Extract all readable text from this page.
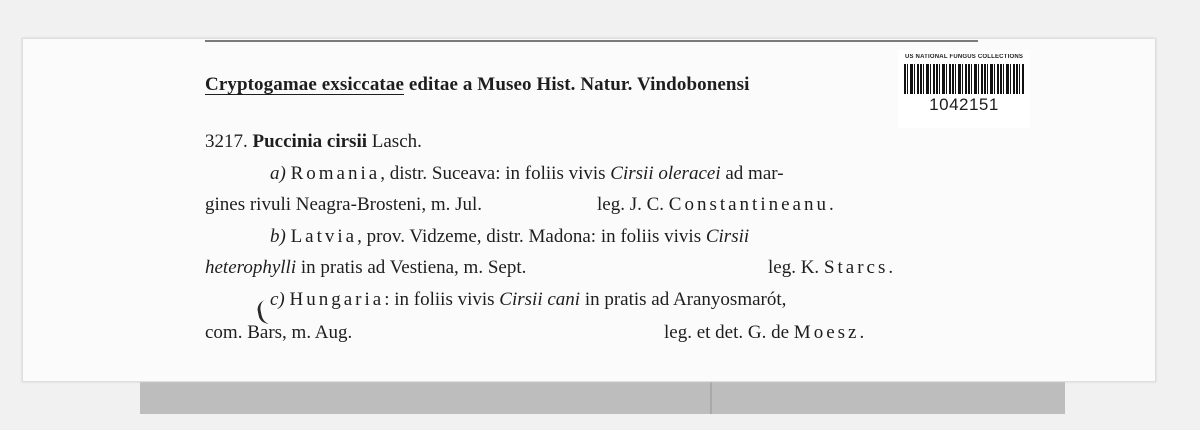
Cryptogamae exsiccatae editae a Museo Hist. Natur. Vindobonensi
US NATIONAL FUNGUS COLLECTIONS
1042151
3217. Puccinia cirsii Lasch.
a) Romania, distr. Suceava: in foliis vivis Cirsii oleracei ad mar-
gines rivuli Neagra-Brosteni, m. Jul.	leg. J. C. Constantineanu.
b) Latvia, prov. Vidzeme, distr. Madona: in foliis vivis Cirsii
heterophylli in pratis ad Vestiena, m. Sept.	leg. K. Starcs.
c) Hungaria: in foliis vivis Cirsii cani in pratis ad Aranyosmarót,
com. Bars, m. Aug.	leg. et det. G. de Moesz.
